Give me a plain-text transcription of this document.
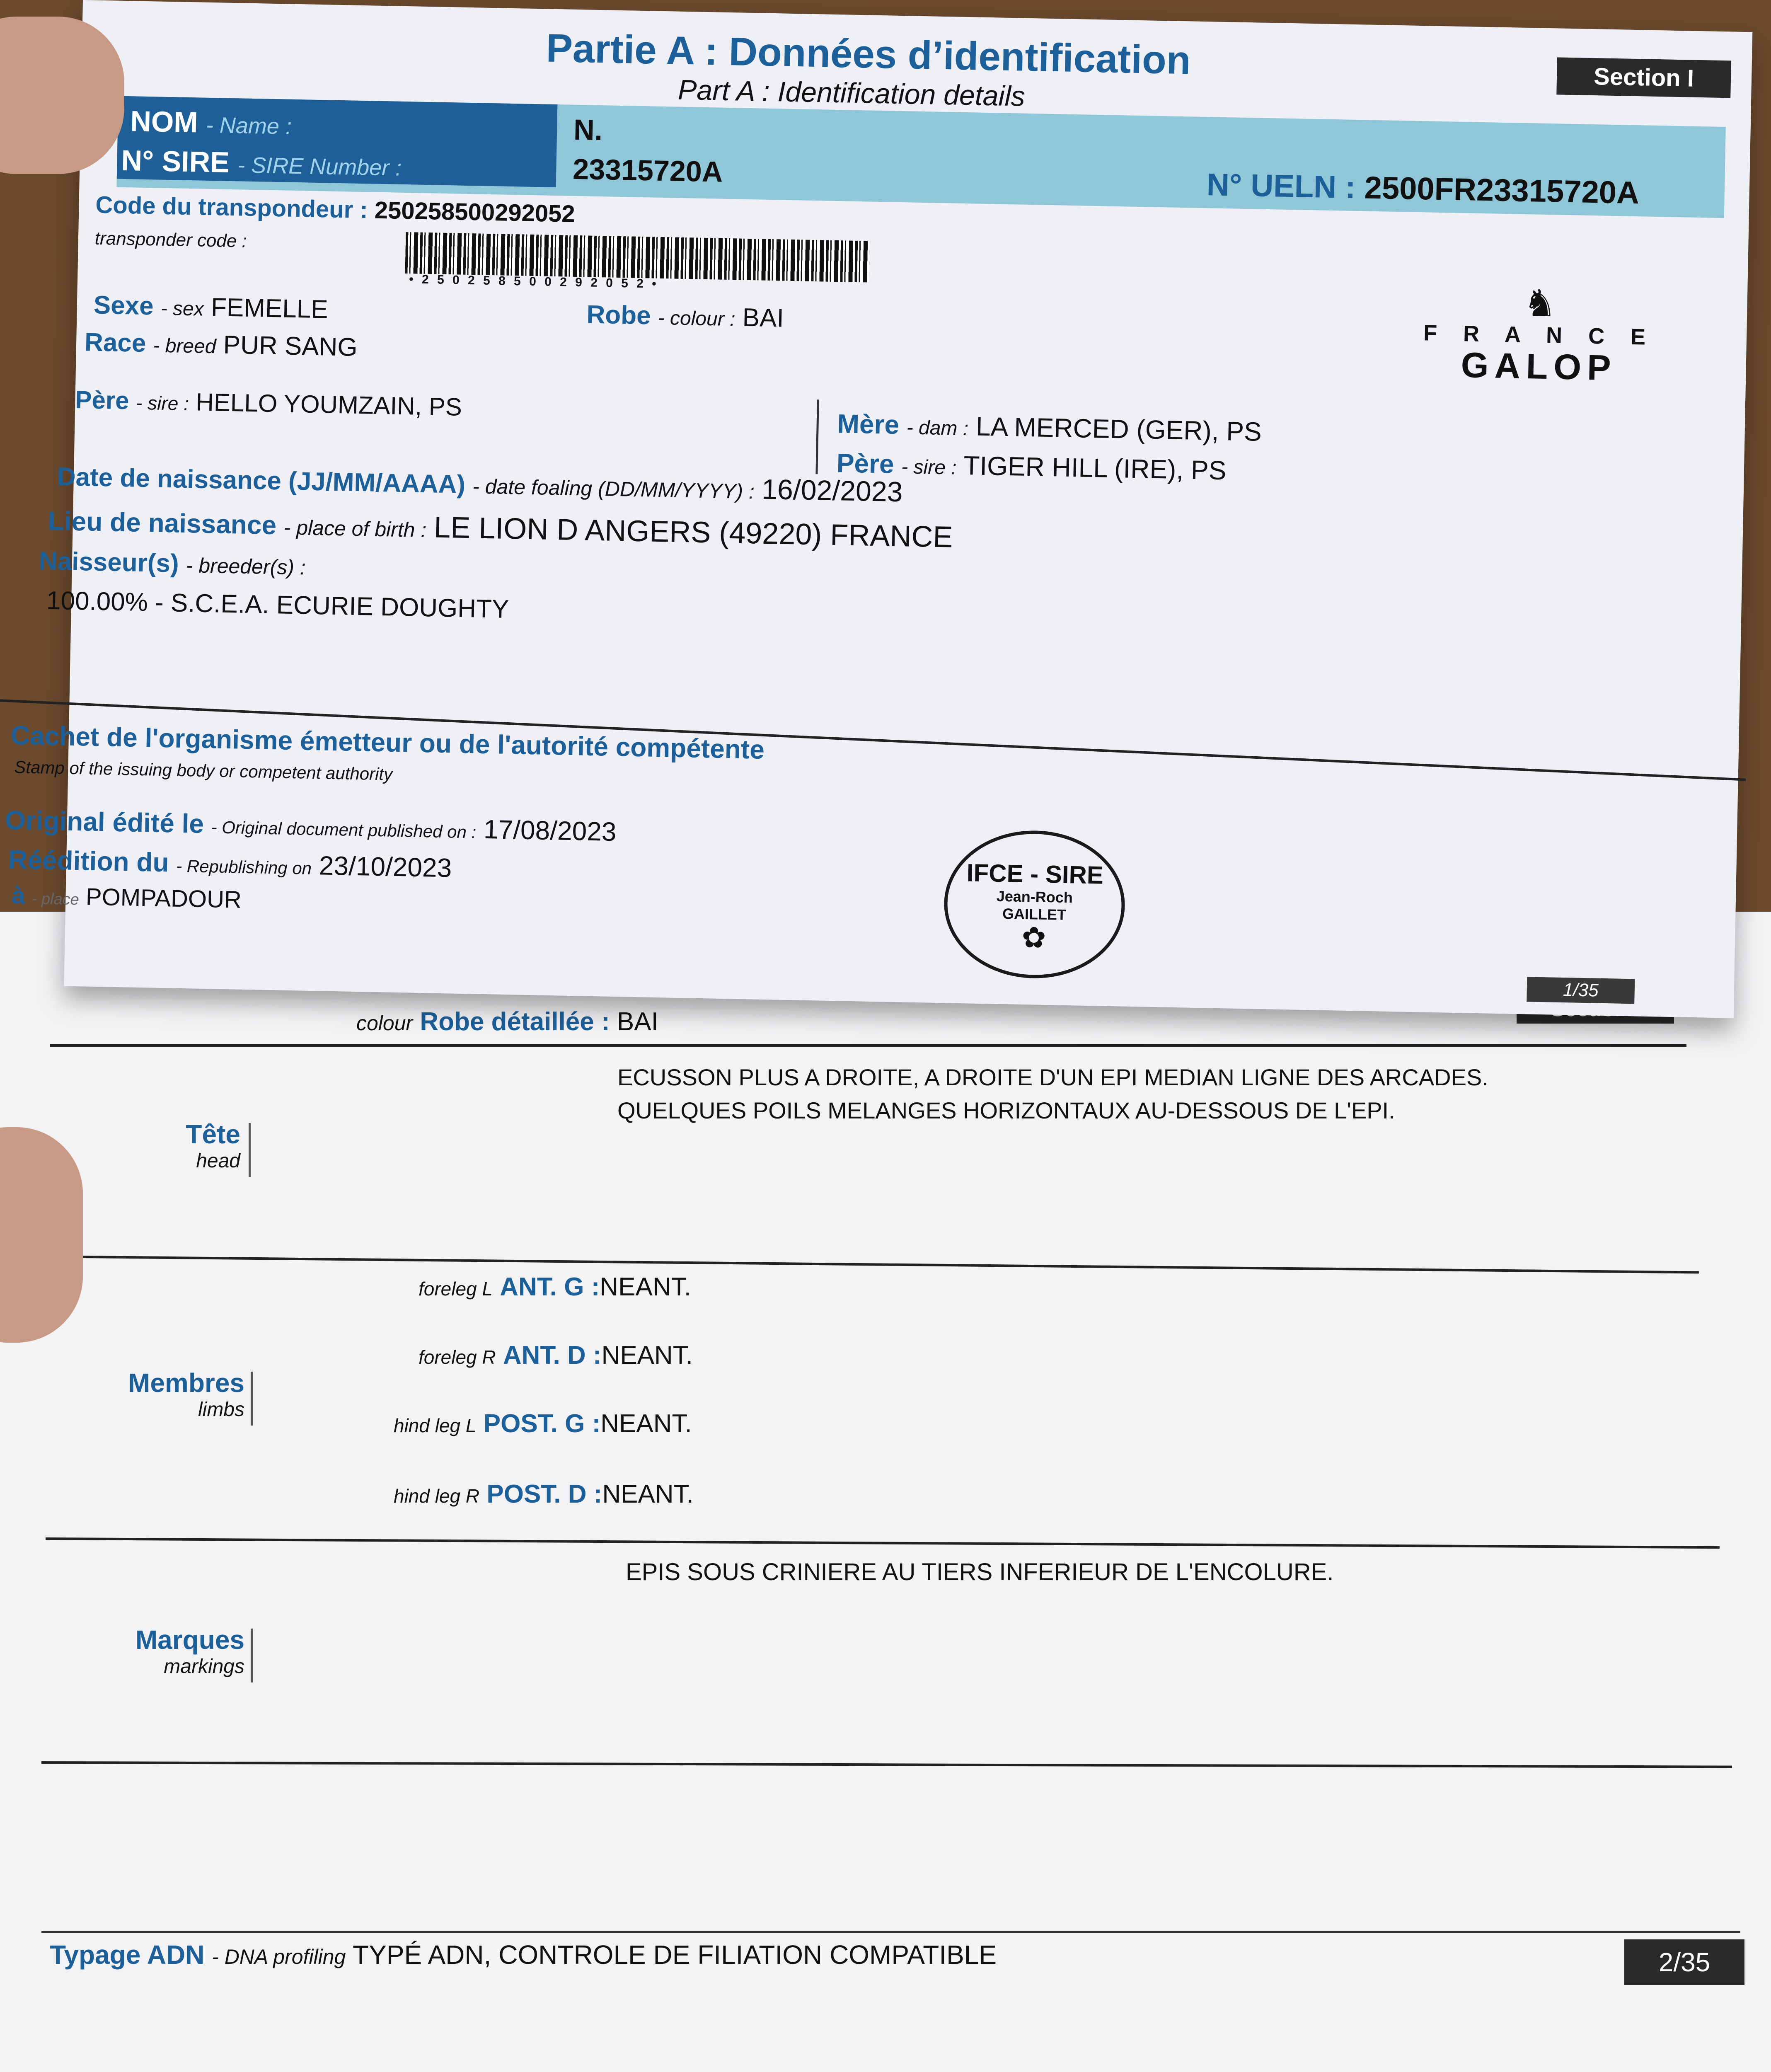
colour Robe détaillée : BAI
Tête
head
ECUSSON PLUS A DROITE, A DROITE D'UN EPI MEDIAN LIGNE DES ARCADES.
QUELQUES POILS MELANGES HORIZONTAUX AU-DESSOUS DE L'EPI.
Membres
limbs
foreleg L ANT. G :NEANT.
foreleg R ANT. D :NEANT.
hind leg L POST. G :NEANT.
hind leg R POST. D :NEANT.
EPIS SOUS CRINIERE AU TIERS INFERIEUR DE L'ENCOLURE.
Marques
markings
Typage ADN - DNA profiling TYPÉ ADN, CONTROLE DE FILIATION COMPATIBLE	2/35
Partie A : Données d’identification
Part A : Identification details	Section I
NOM - Name :
N° SIRE - SIRE Number :
N.
23315720A	N° UELN : 2500FR23315720A
Code du transpondeur : 250258500292052
transponder code :
• 2 5 0 2 5 8 5 0 0 2 9 2 0 5 2 •
Sexe - sex FEMELLE	Robe - colour : BAI
Race - breed PUR SANG
♞
F R A N C E
GALOP
Père - sire : HELLO YOUMZAIN, PS
Mère - dam : LA MERCED (GER), PS
Père - sire : TIGER HILL (IRE), PS
Date de naissance (JJ/MM/AAAA) - date foaling (DD/MM/YYYY) : 16/02/2023
Lieu de naissance - place of birth : LE LION D ANGERS (49220) FRANCE
Naisseur(s) - breeder(s) :
100.00% - S.C.E.A. ECURIE DOUGHTY
Cachet de l'organisme émetteur ou de l'autorité compétente
Stamp of the issuing body or competent authority
Original édité le - Original document published on : 17/08/2023
Réédition du - Republishing on 23/10/2023
à - place POMPADOUR
IFCE - SIRE
Jean-Roch
GAILLET
✿
1/35
